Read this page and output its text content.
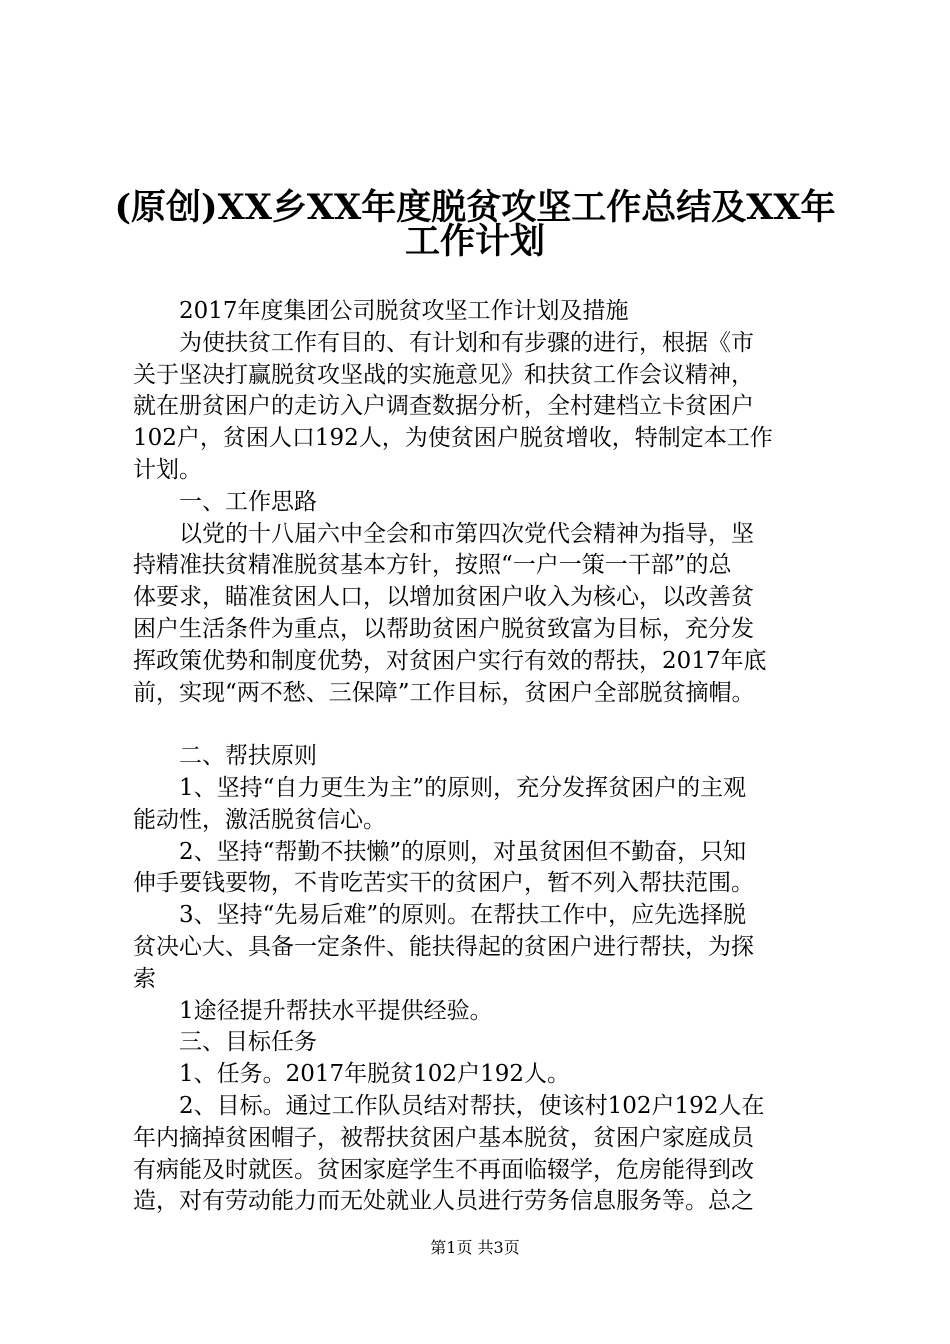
(原创)XX乡XX年度脱贫攻坚工作总结及XX年
工作计划

2017年度集团公司脱贫攻坚工作计划及措施

为使扶贫工作有目的、有计划和有步骤的进行，根据《市

关于坚决打赢脱贫攻坚战的实施意见》和扶贫工作会议精神，

就在册贫困户的走访入户调查数据分析，全村建档立卡贫困户

102户，贫困人口192人，为使贫困户脱贫增收，特制定本工作

计划。

一、工作思路

以党的十八届六中全会和市第四次党代会精神为指导，坚

持精准扶贫精准脱贫基本方针，按照“一户一策一干部”的总

体要求，瞄准贫困人口，以增加贫困户收入为核心，以改善贫

困户生活条件为重点，以帮助贫困户脱贫致富为目标，充分发

挥政策优势和制度优势，对贫困户实行有效的帮扶，2017年底

前，实现“两不愁、三保障”工作目标，贫困户全部脱贫摘帽。

二、帮扶原则

1、坚持“自力更生为主”的原则，充分发挥贫困户的主观

能动性，激活脱贫信心。

2、坚持“帮勤不扶懒”的原则，对虽贫困但不勤奋，只知

伸手要钱要物，不肯吃苦实干的贫困户，暂不列入帮扶范围。

3、坚持“先易后难”的原则。在帮扶工作中，应先选择脱

贫决心大、具备一定条件、能扶得起的贫困户进行帮扶，为探

索

1途径提升帮扶水平提供经验。

三、目标任务

1、任务。2017年脱贫102户192人。

2、目标。通过工作队员结对帮扶，使该村102户192人在

年内摘掉贫困帽子，被帮扶贫困户基本脱贫，贫困户家庭成员

有病能及时就医。贫困家庭学生不再面临辍学，危房能得到改

造，对有劳动能力而无处就业人员进行劳务信息服务等。总之

第1页 共3页
